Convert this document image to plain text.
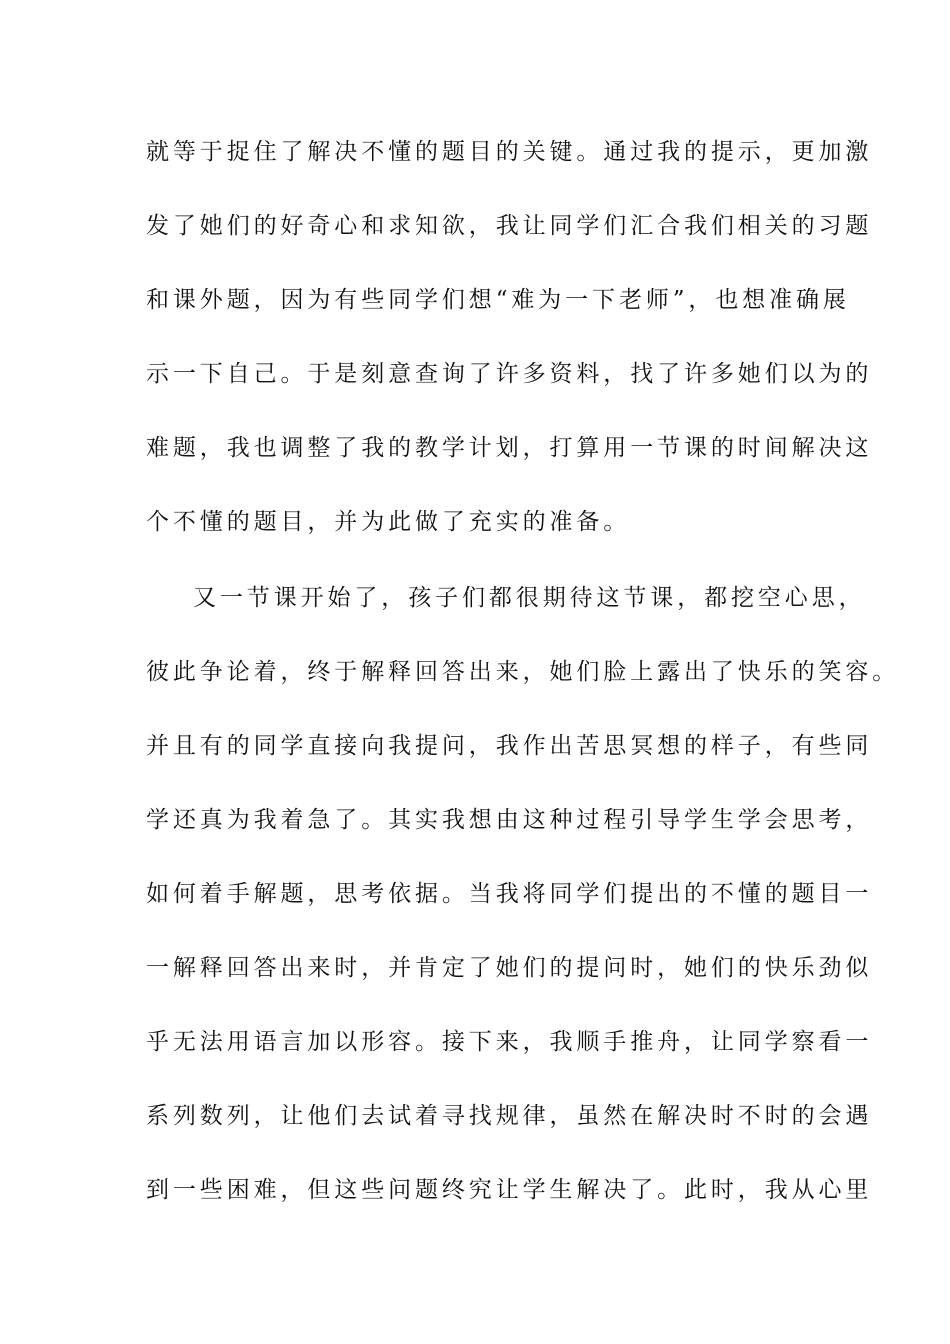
就等于捉住了解决不懂的题目的关键。通过我的提示，更加激
发了她们的好奇心和求知欲，我让同学们汇合我们相关的习题
和课外题，因为有些同学们想“难为一下老师”，也想准确展
示一下自己。于是刻意查询了许多资料，找了许多她们以为的
难题，我也调整了我的教学计划，打算用一节课的时间解决这
个不懂的题目，并为此做了充实的准备。
又一节课开始了，孩子们都很期待这节课，都挖空心思，
彼此争论着，终于解释回答出来，她们脸上露出了快乐的笑容。
并且有的同学直接向我提问，我作出苦思冥想的样子，有些同
学还真为我着急了。其实我想由这种过程引导学生学会思考，
如何着手解题，思考依据。当我将同学们提出的不懂的题目一
一解释回答出来时，并肯定了她们的提问时，她们的快乐劲似
乎无法用语言加以形容。接下来，我顺手推舟，让同学察看一
系列数列，让他们去试着寻找规律，虽然在解决时不时的会遇
到一些困难，但这些问题终究让学生解决了。此时，我从心里
